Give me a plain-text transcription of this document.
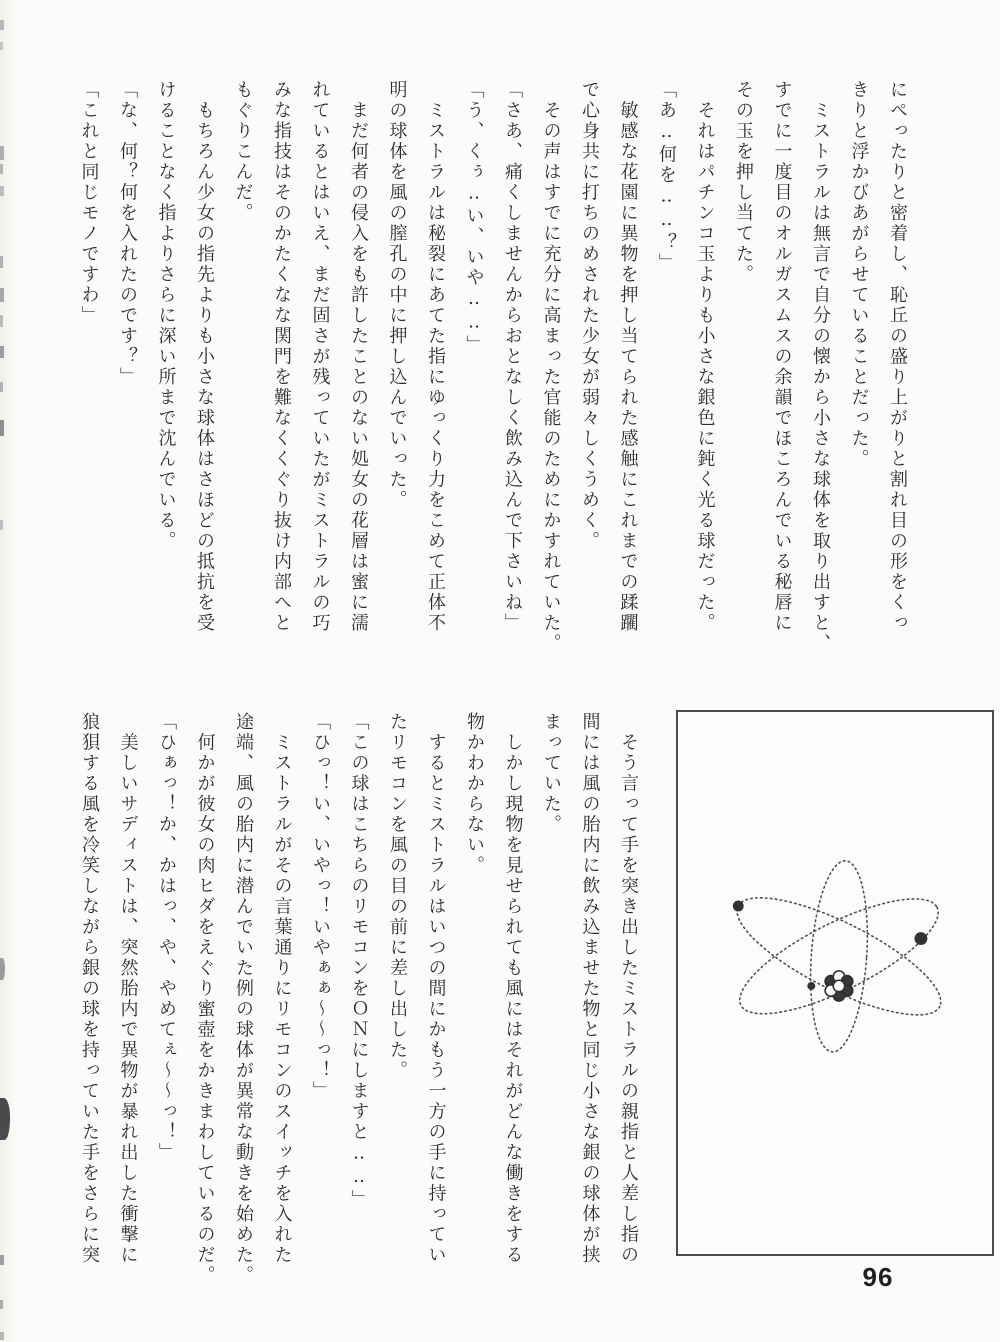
にぺったりと密着し、恥丘の盛り上がりと割れ目の形をくっ

きりと浮かびあがらせていることだった。

　ミストラルは無言で自分の懐から小さな球体を取り出すと、

すでに一度目のオルガスムスの余韻でほころんでいる秘唇に

その玉を押し当てた。

　それはパチンコ玉よりも小さな銀色に鈍く光る球だった。

「あ‥何を‥‥？」

　敏感な花園に異物を押し当てられた感触にこれまでの蹂躙

で心身共に打ちのめされた少女が弱々しくうめく。

　その声はすでに充分に高まった官能のためにかすれていた。

「さあ、痛くしませんからおとなしく飲み込んで下さいね」

「う、くぅ‥い、いや‥‥」

　ミストラルは秘裂にあてた指にゆっくり力をこめて正体不

明の球体を風の膣孔の中に押し込んでいった。

　まだ何者の侵入をも許したことのない処女の花層は蜜に濡

れているとはいえ、まだ固さが残っていたがミストラルの巧

みな指技はそのかたくなな関門を難なくくぐり抜け内部へと

もぐりこんだ。

　もちろん少女の指先よりも小さな球体はさほどの抵抗を受

けることなく指よりさらに深い所まで沈んでいる。

「な、何？何を入れたのです？」

「これと同じモノですわ」

　そう言って手を突き出したミストラルの親指と人差し指の

間には風の胎内に飲み込ませた物と同じ小さな銀の球体が挟

まっていた。

　しかし現物を見せられても風にはそれがどんな働きをする

物かわからない。

　するとミストラルはいつの間にかもう一方の手に持ってい

たリモコンを風の目の前に差し出した。

「この球はこちらのリモコンをＯＮにしますと‥‥」

「ひっ！い、いやっ！いやぁぁ～～っ！」

　ミストラルがその言葉通りにリモコンのスイッチを入れた

途端、風の胎内に潜んでいた例の球体が異常な動きを始めた。

　何かが彼女の肉ヒダをえぐり蜜壺をかきまわしているのだ。

「ひぁっ！か、かはっ、や、やめてぇ～～っ！」

　美しいサディストは、突然胎内で異物が暴れ出した衝撃に

狼狽する風を冷笑しながら銀の球を持っていた手をさらに突

96
